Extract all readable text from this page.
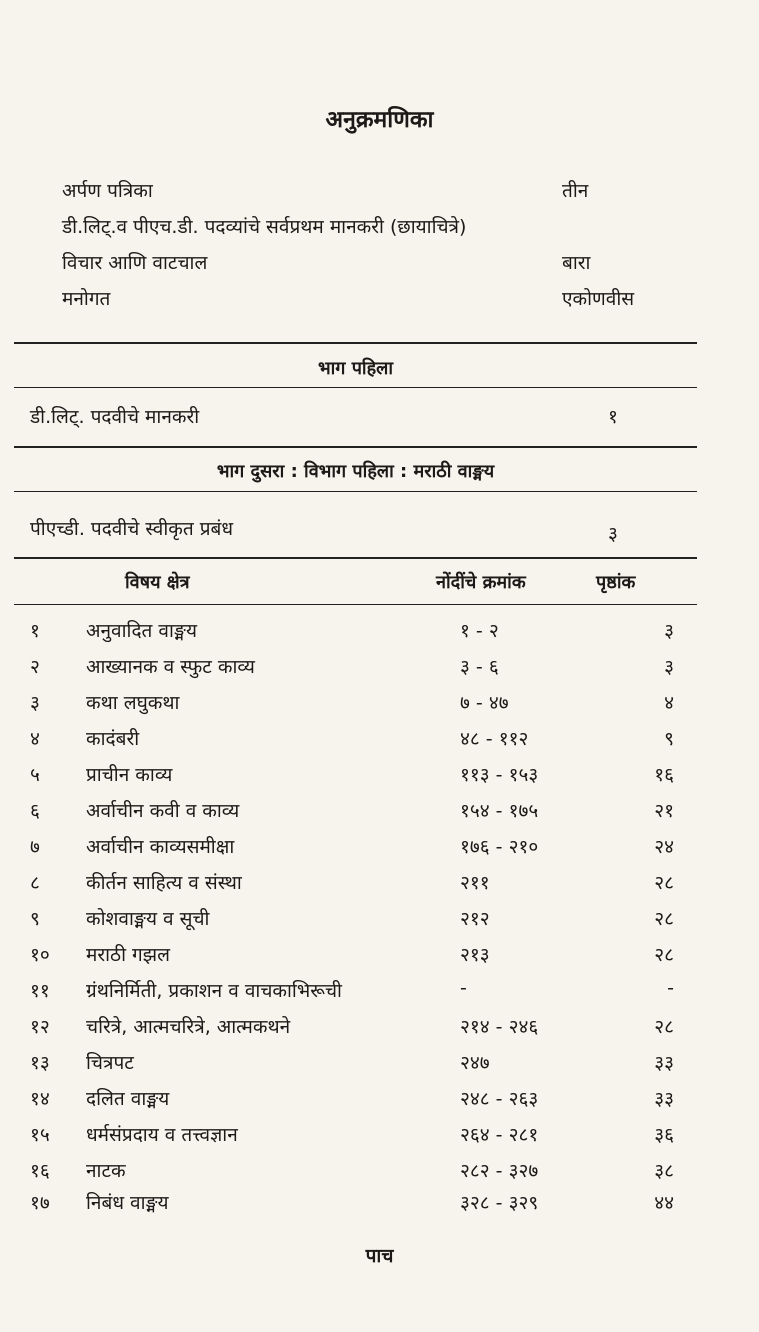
अनुक्रमणिका
अर्पण पत्रिका	तीन
डी.लिट्.व पीएच.डी. पदव्यांचे सर्वप्रथम मानकरी (छायाचित्रे)
विचार आणि वाटचाल	बारा
मनोगत	एकोणवीस
भाग पहिला
डी.लिट्. पदवीचे मानकरी	१
भाग दुसरा : विभाग पहिला : मराठी वाङ्मय
पीएच्डी. पदवीचे स्वीकृत प्रबंध	३
विषय क्षेत्र	नोंदींचे क्रमांक	पृष्ठांक
१ अनुवादित वाङ्मय	१ - २	३
२ आख्यानक व स्फुट काव्य	३ - ६	३
३ कथा लघुकथा	७ - ४७	४
४ कादंबरी	४८ - ११२	९
५ प्राचीन काव्य	११३ - १५३	१६
६ अर्वाचीन कवी व काव्य	१५४ - १७५	२१
७ अर्वाचीन काव्यसमीक्षा	१७६ - २१०	२४
८ कीर्तन साहित्य व संस्था	२११	२८
९ कोशवाङ्मय व सूची	२१२	२८
१० मराठी गझल	२१३	२८
११ ग्रंथनिर्मिती, प्रकाशन व वाचकाभिरूची	-	-
१२ चरित्रे, आत्मचरित्रे, आत्मकथने	२१४ - २४६	२८
१३ चित्रपट	२४७	३३
१४ दलित वाङ्मय	२४८ - २६३	३३
१५ धर्मसंप्रदाय व तत्त्वज्ञान	२६४ - २८१	३६
१६ नाटक	२८२ - ३२७	३८
१७ निबंध वाङ्मय	३२८ - ३२९	४४
पाच
